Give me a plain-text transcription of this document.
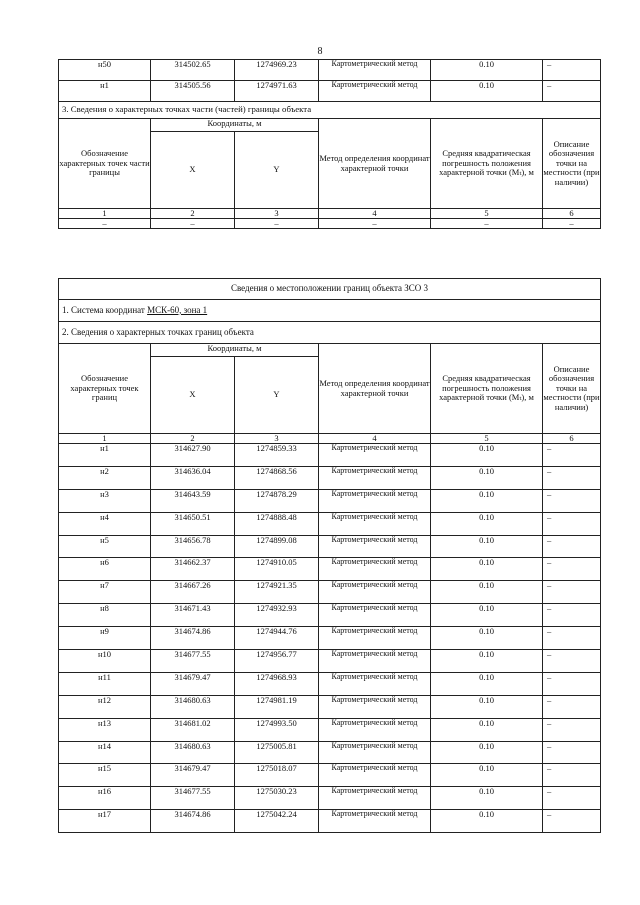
8
н50	314502.65	1274969.23	Картометрический метод	0.10	–
н1	314505.56	1274971.63	Картометрический метод	0.10	–
3. Сведения о характерных точках части (частей) границы объекта					
Обозначение характерных точек части границы	Координаты, м		Метод определения координат характерной точки	Средняя квадратическая погрешность положения характерной точки (Mₜ), м	Описание обозначения точки на местности (при наличии)
	X	Y			
1	2	3	4	5	6
–	–	–	–	–	–
Сведения о местоположении границ объекта ЗСО 3					
1. Система координат МСК-60, зона 1					
2. Сведения о характерных точках границ объекта					
Обозначение характерных точек границ	Координаты, м		Метод определения координат характерной точки	Средняя квадратическая погрешность положения характерной точки (Mₜ), м	Описание обозначения точки на местности (при наличии)
	X	Y			
1	2	3	4	5	6
н1	314627.90	1274859.33	Картометрический метод	0.10	–
н2	314636.04	1274868.56	Картометрический метод	0.10	–
н3	314643.59	1274878.29	Картометрический метод	0.10	–
н4	314650.51	1274888.48	Картометрический метод	0.10	–
н5	314656.78	1274899.08	Картометрический метод	0.10	–
н6	314662.37	1274910.05	Картометрический метод	0.10	–
н7	314667.26	1274921.35	Картометрический метод	0.10	–
н8	314671.43	1274932.93	Картометрический метод	0.10	–
н9	314674.86	1274944.76	Картометрический метод	0.10	–
н10	314677.55	1274956.77	Картометрический метод	0.10	–
н11	314679.47	1274968.93	Картометрический метод	0.10	–
н12	314680.63	1274981.19	Картометрический метод	0.10	–
н13	314681.02	1274993.50	Картометрический метод	0.10	–
н14	314680.63	1275005.81	Картометрический метод	0.10	–
н15	314679.47	1275018.07	Картометрический метод	0.10	–
н16	314677.55	1275030.23	Картометрический метод	0.10	–
н17	314674.86	1275042.24	Картометрический метод	0.10	–
